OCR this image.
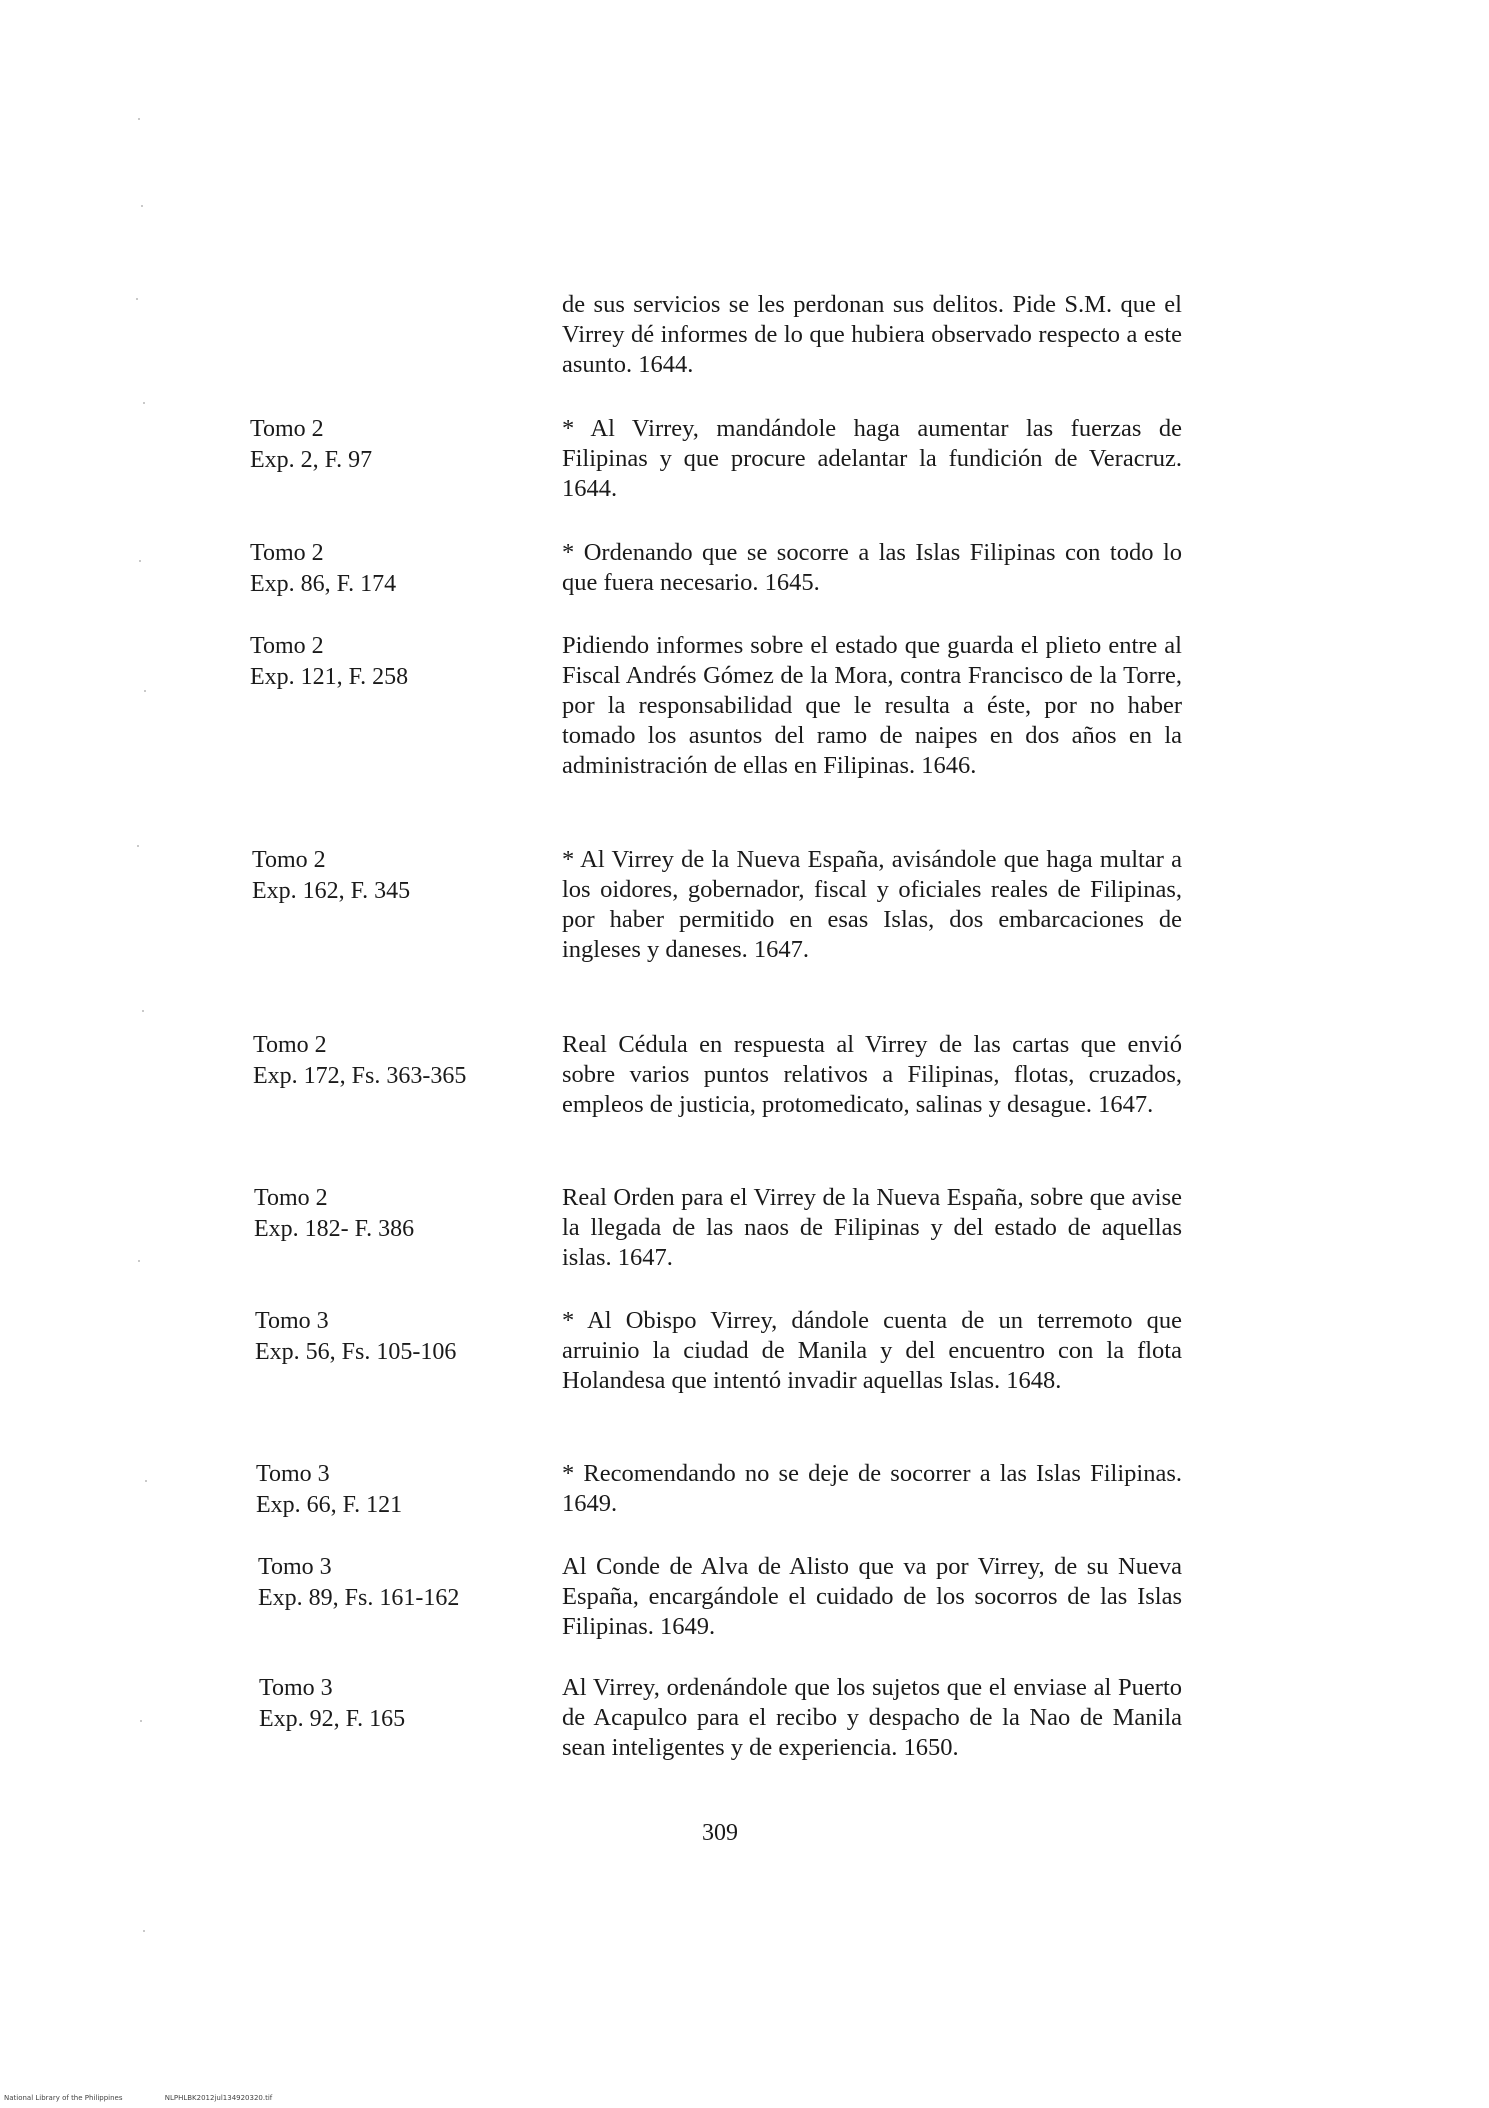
de sus servicios se les perdonan sus delitos. Pide S.M. que el Virrey dé informes de lo que hubiera observado respecto a este asunto. 1644.

Tomo 2
Exp. 2, F. 97

* Al Virrey, mandándole haga aumentar las fuerzas de Filipinas y que procure adelantar la fundición de Veracruz. 1644.

Tomo 2
Exp. 86, F. 174

* Ordenando que se socorre a las Islas Filipinas con todo lo que fuera necesario. 1645.

Tomo 2
Exp. 121, F. 258

Pidiendo informes sobre el estado que guarda el plieto entre al Fiscal Andrés Gómez de la Mora, contra Francisco de la Torre, por la responsabilidad que le resulta a éste, por no haber tomado los asuntos del ramo de naipes en dos años en la administración de ellas en Filipinas. 1646.

Tomo 2
Exp. 162, F. 345

* Al Virrey de la Nueva España, avisándole que haga multar a los oidores, gobernador, fiscal y oficiales reales de Filipinas, por haber permitido en esas Islas, dos embarcaciones de ingleses y daneses. 1647.

Tomo 2
Exp. 172, Fs. 363-365

Real Cédula en respuesta al Virrey de las cartas que envió sobre varios puntos relativos a Filipinas, flotas, cruzados, empleos de justicia, protomedicato, salinas y desague. 1647.

Tomo 2
Exp. 182- F. 386

Real Orden para el Virrey de la Nueva España, sobre que avise la llegada de las naos de Filipinas y del estado de aquellas islas. 1647.

Tomo 3
Exp. 56, Fs. 105-106

* Al Obispo Virrey, dándole cuenta de un terremoto que arruinio la ciudad de Manila y del encuentro con la flota Holandesa que intentó invadir aquellas Islas. 1648.

Tomo 3
Exp. 66, F. 121

* Recomendando no se deje de socorrer a las Islas Filipinas. 1649.

Tomo 3
Exp. 89, Fs. 161-162

Al Conde de Alva de Alisto que va por Virrey, de su Nueva España, encargándole el cuidado de los socorros de las Islas Filipinas. 1649.

Tomo 3
Exp. 92, F. 165

Al Virrey, ordenándole que los sujetos que el enviase al Puerto de Acapulco para el recibo y despacho de la Nao de Manila sean inteligentes y de experiencia. 1650.

309
National Library of the Philippines	NLPHLBK2012jul134920320.tif
